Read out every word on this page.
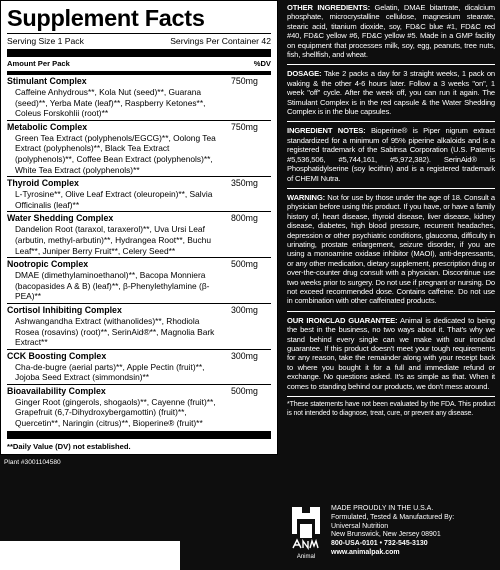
Supplement Facts
Serving Size 1 Pack	Servings Per Container 42
Amount Per Pack	%DV
Stimulant Complex	750mg
Caffeine Anhydrous**, Kola Nut (seed)**, Guarana (seed)**, Yerba Mate (leaf)**, Raspberry Ketones**, Coleus Forskohlii (root)**
Metabolic Complex	750mg
Green Tea Extract (polyphenols/EGCG)**, Oolong Tea Extract (polyphenols)**, Black Tea Extract (polyphenols)**, Coffee Bean Extract (polyphenols)**, White Tea Extract (polyphenols)**
Thyroid Complex	350mg
L-Tyrosine**, Olive Leaf Extract (oleuropein)**, Salvia Officinalis (leaf)**
Water Shedding Complex	800mg
Dandelion Root (taraxol, taraxerol)**, Uva Ursi Leaf (arbutin, methyl-arbutin)**, Hydrangea Root**, Buchu Leaf**, Juniper Berry Fruit**, Celery Seed**
Nootropic Complex	500mg
DMAE (dimethylaminoethanol)**, Bacopa Monniera (bacopasides A & B) (leaf)**, β-Phenylethylamine (β-PEA)**
Cortisol Inhibiting Complex	300mg
Ashwangandha Extract (withanolides)**, Rhodiola Rosea (rosavins) (root)**, SerinAid®**, Magnolia Bark Extract**
CCK Boosting Complex	300mg
Cha-de-bugre (aerial parts)**, Apple Pectin (fruit)**, Jojoba Seed Extract (simmondsin)**
Bioavailability Complex	500mg
Ginger Root (gingerols, shogaols)**, Cayenne (fruit)**, Grapefruit (6,7-Dihydroxybergamottin) (fruit)**, Quercetin**, Naringin (citrus)**, Bioperine® (fruit)**
**Daily Value (DV) not established.
Plant #3001104580

OTHER INGREDIENTS: Gelatin, DMAE bitartrate, dicalcium phosphate, microcrystalline cellulose, magnesium stearate, stearic acid, titanium dioxide, soy, FD&C blue #1, FD&C red #40, FD&C yellow #6, FD&C yellow #5. Made in a GMP facility on equipment that processes milk, soy, egg, peanuts, tree nuts, fish, shellfish, and wheat.

DOSAGE: Take 2 packs a day for 3 straight weeks, 1 pack on waking & the other 4-6 hours later. Follow a 3 weeks "on", 1 week "off" cycle. After the week off, you can run it again. The Stimulant Complex is in the red capsule & the Water Shedding Complex is in the blue capsules.

INGREDIENT NOTES: Bioperine® is Piper nigrum extract standardized for a minimum of 95% piperine alkaloids and is a registered trademark of the Sabinsa Corporation (U.S. Patents #5,536,506, #5,744,161, #5,972,382). SerinAid® is Phosphatidylserine (soy lecithin) and is a registered trademark of CHEMI Nutra.

WARNING: Not for use by those under the age of 18. Consult a physician before using this product. If you have, or have a family history of, heart disease, thyroid disease, liver disease, kidney disease, diabetes, high blood pressure, recurrent headaches, depression or other psychiatric conditions, glaucoma, difficulty in urinating, prostate enlargement, seizure disorder, if you are using a monoamine oxidase inhibitor (MAOI), anti-depressants, or any other medication, dietary supplement, prescription drug or over-the-counter drug consult with a physician. Discontinue use two weeks prior to surgery. Do not use if pregnant or nursing. Do not exceed recommended dose. Contains caffeine. Do not use in combination with other caffeinated products.

OUR IRONCLAD GUARANTEE: Animal is dedicated to being the best in the business, no two ways about it. That's why we stand behind every single can we make with our ironclad guarantee. If this product doesn't meet your tough requirements for any reason, take the remainder along with your receipt back to where you bought it for a full and immediate refund or exchange. No questions asked. It's as simple as that. When it comes to standing behind our products, we don't mess around.

*These statements have not been evaluated by the FDA. This product is not intended to diagnose, treat, cure, or prevent any disease.

Animal
MADE PROUDLY IN THE U.S.A.
Formulated, Tested & Manufactured By:
Universal Nutrition
New Brunswick, New Jersey 08901
800-USA-0101 • 732-545-3130
www.animalpak.com
